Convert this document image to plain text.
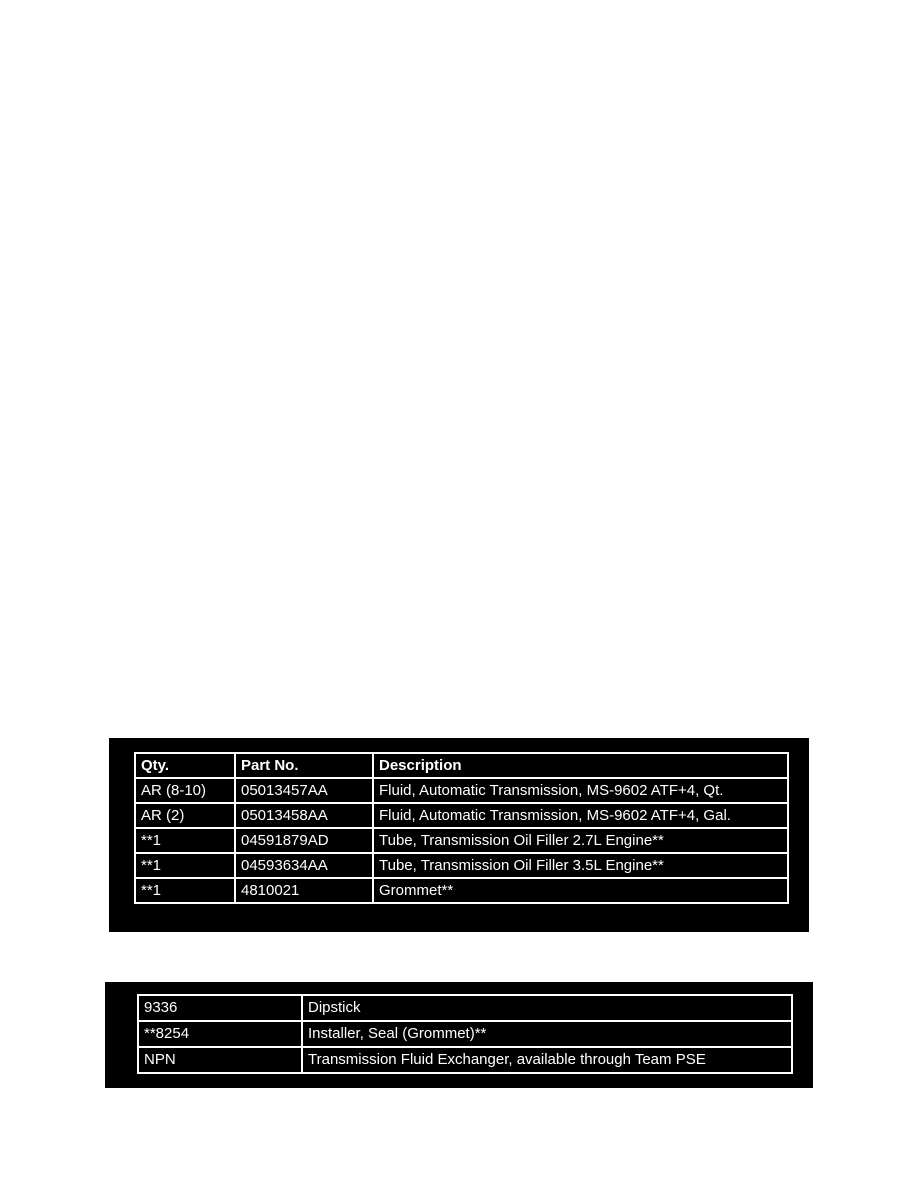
Qty.	Part No.	Description
AR (8-10)	05013457AA	Fluid, Automatic Transmission, MS-9602 ATF+4, Qt.
AR (2)	05013458AA	Fluid, Automatic Transmission, MS-9602 ATF+4, Gal.
**1	04591879AD	Tube, Transmission Oil Filler 2.7L Engine**
**1	04593634AA	Tube, Transmission Oil Filler 3.5L Engine**
**1	4810021	Grommet**
9336	Dipstick
**8254	Installer, Seal (Grommet)**
NPN	Transmission Fluid Exchanger, available through Team PSE
